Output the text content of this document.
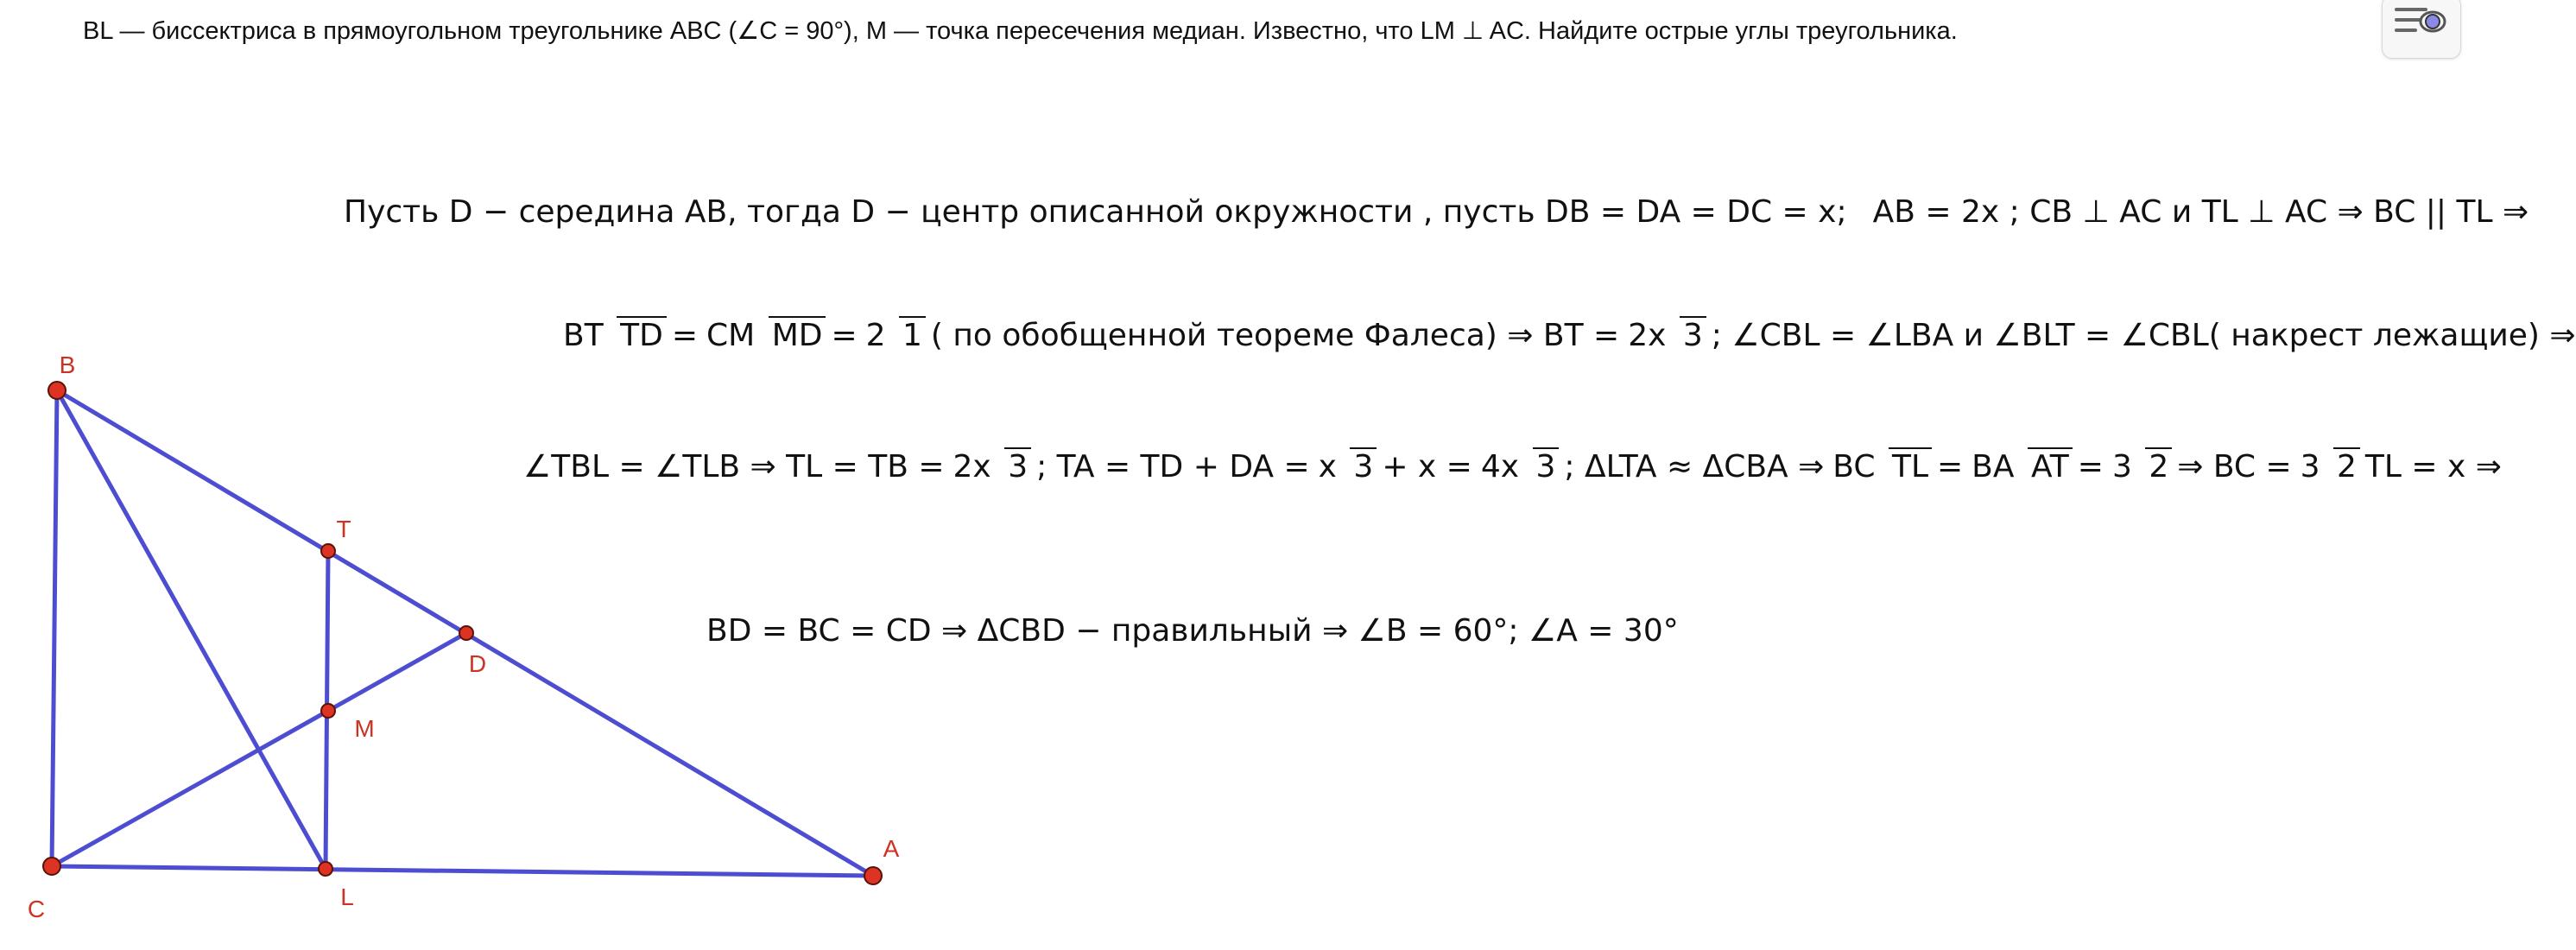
BL — биссектриса в прямоугольном треугольнике ABC (∠C = 90°), M — точка пересечения медиан. Известно, что LM ⊥ AC. Найдите острые углы треугольника.
Пусть D − середина AB, тогда D − центр описанной окружности , пусть DB = DA = DC = x; AB = 2x ; CB ⊥ AC и TL ⊥ AC ⇒ BC || TL ⇒
BT TD = CM MD = 2 1 ( по обобщенной теореме Фалеса) ⇒ BT = 2x 3 ; ∠CBL = ∠LBA и ∠BLT = ∠CBL( накрест лежащие) ⇒
∠TBL = ∠TLB ⇒ TL = TB = 2x 3 ; TA = TD + DA = x 3 + x = 4x 3 ; ΔLTA ≈ ΔCBA ⇒ BC TL = BA AT = 3 2 ⇒ BC = 3 2 TL = x ⇒
BD = BC = CD ⇒ ΔCBD − правильный ⇒ ∠B = 60°; ∠A = 30°
B
T
D
M
C	L
A
